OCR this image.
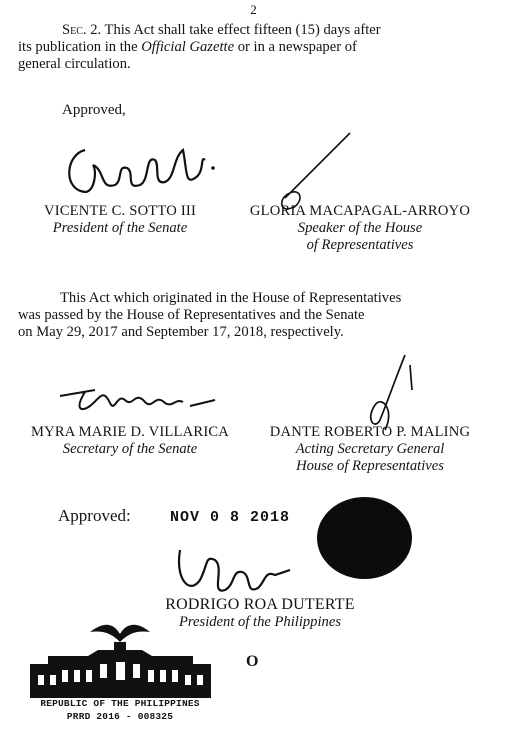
2
Sec. 2. This Act shall take effect fifteen (15) days after
its publication in the Official Gazette or in a newspaper of
general circulation.
Approved,
VICENTE C. SOTTO III
President of the Senate
GLORIA MACAPAGAL-ARROYO
Speaker of the House
of Representatives
This Act which originated in the House of Representatives
was passed by the House of Representatives and the Senate
on May 29, 2017 and September 17, 2018, respectively.
MYRA MARIE D. VILLARICA
Secretary of the Senate
DANTE ROBERTO P. MALING
Acting Secretary General
House of Representatives
Approved:	NOV 0 8 2018
RODRIGO ROA DUTERTE
President of the Philippines
O
REPUBLIC OF THE PHILIPPINES
PRRD 2016 - 008325
